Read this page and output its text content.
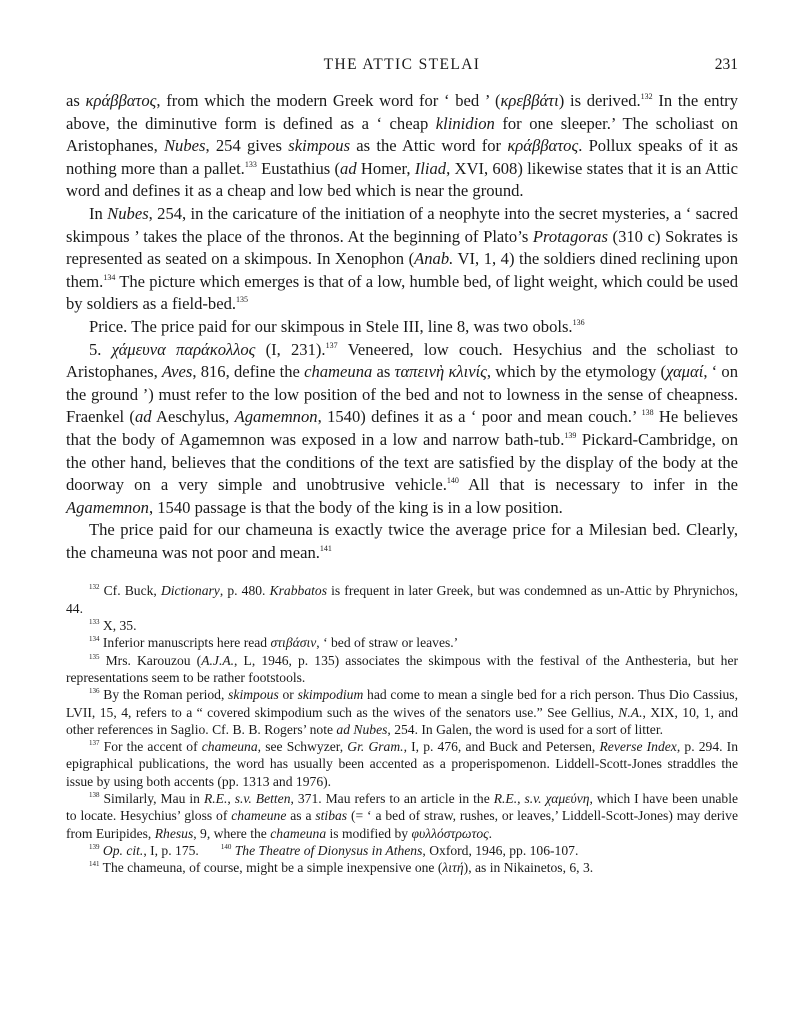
THE ATTIC STELAI	231

as κράββατος, from which the modern Greek word for ‘ bed ’ (κρεββάτι) is derived.$^{132}$ In the entry above, the diminutive form is defined as a ‘ cheap klinidion for one sleeper.’ The scholiast on Aristophanes, Nubes, 254 gives skimpous as the Attic word for κράββατος. Pollux speaks of it as nothing more than a pallet.$^{133}$ Eustathius (ad Homer, Iliad, XVI, 608) likewise states that it is an Attic word and defines it as a cheap and low bed which is near the ground.

In Nubes, 254, in the caricature of the initiation of a neophyte into the secret mysteries, a ‘ sacred skimpous ’ takes the place of the thronos. At the beginning of Plato’s Protagoras (310 c) Sokrates is represented as seated on a skimpous. In Xenophon (Anab. VI, 1, 4) the soldiers dined reclining upon them.$^{134}$ The picture which emerges is that of a low, humble bed, of light weight, which could be used by soldiers as a field-bed.$^{135}$

Price. The price paid for our skimpous in Stele III, line 8, was two obols.$^{136}$

5. χάμευνα παράκολλος (I, 231).$^{137}$ Veneered, low couch. Hesychius and the scholiast to Aristophanes, Aves, 816, define the chameuna as ταπεινὴ κλινίς, which by the etymology (χαμαί, ‘ on the ground ’) must refer to the low position of the bed and not to lowness in the sense of cheapness. Fraenkel (ad Aeschylus, Agamemnon, 1540) defines it as a ‘ poor and mean couch.’ $^{138}$ He believes that the body of Agamemnon was exposed in a low and narrow bath-tub.$^{139}$ Pickard-Cambridge, on the other hand, believes that the conditions of the text are satisfied by the display of the body at the doorway on a very simple and unobtrusive vehicle.$^{140}$ All that is necessary to infer in the Agamemnon, 1540 passage is that the body of the king is in a low position.

The price paid for our chameuna is exactly twice the average price for a Milesian bed. Clearly, the chameuna was not poor and mean.$^{141}$

$^{132}$ Cf. Buck, Dictionary, p. 480. Krabbatos is frequent in later Greek, but was condemned as un-Attic by Phrynichos, 44.

$^{133}$ X, 35.

$^{134}$ Inferior manuscripts here read στιβάσιν, ‘ bed of straw or leaves.’

$^{135}$ Mrs. Karouzou (A.J.A., L, 1946, p. 135) associates the skimpous with the festival of the Anthesteria, but her representations seem to be rather footstools.

$^{136}$ By the Roman period, skimpous or skimpodium had come to mean a single bed for a rich person. Thus Dio Cassius, LVII, 15, 4, refers to a “ covered skimpodium such as the wives of the senators use.” See Gellius, N.A., XIX, 10, 1, and other references in Saglio. Cf. B. B. Rogers’ note ad Nubes, 254. In Galen, the word is used for a sort of litter.

$^{137}$ For the accent of chameuna, see Schwyzer, Gr. Gram., I, p. 476, and Buck and Petersen, Reverse Index, p. 294. In epigraphical publications, the word has usually been accented as a properispomenon. Liddell-Scott-Jones straddles the issue by using both accents (pp. 1313 and 1976).

$^{138}$ Similarly, Mau in R.E., s.v. Betten, 371. Mau refers to an article in the R.E., s.v. χαμεύνη, which I have been unable to locate. Hesychius’ gloss of chameune as a stibas (= ‘ a bed of straw, rushes, or leaves,’ Liddell-Scott-Jones) may derive from Euripides, Rhesus, 9, where the chameuna is modified by φυλλόστρωτος.

$^{139}$ Op. cit., I, p. 175.	$^{140}$ The Theatre of Dionysus in Athens, Oxford, 1946, pp. 106-107.

$^{141}$ The chameuna, of course, might be a simple inexpensive one (λιτή), as in Nikainetos, 6, 3.
